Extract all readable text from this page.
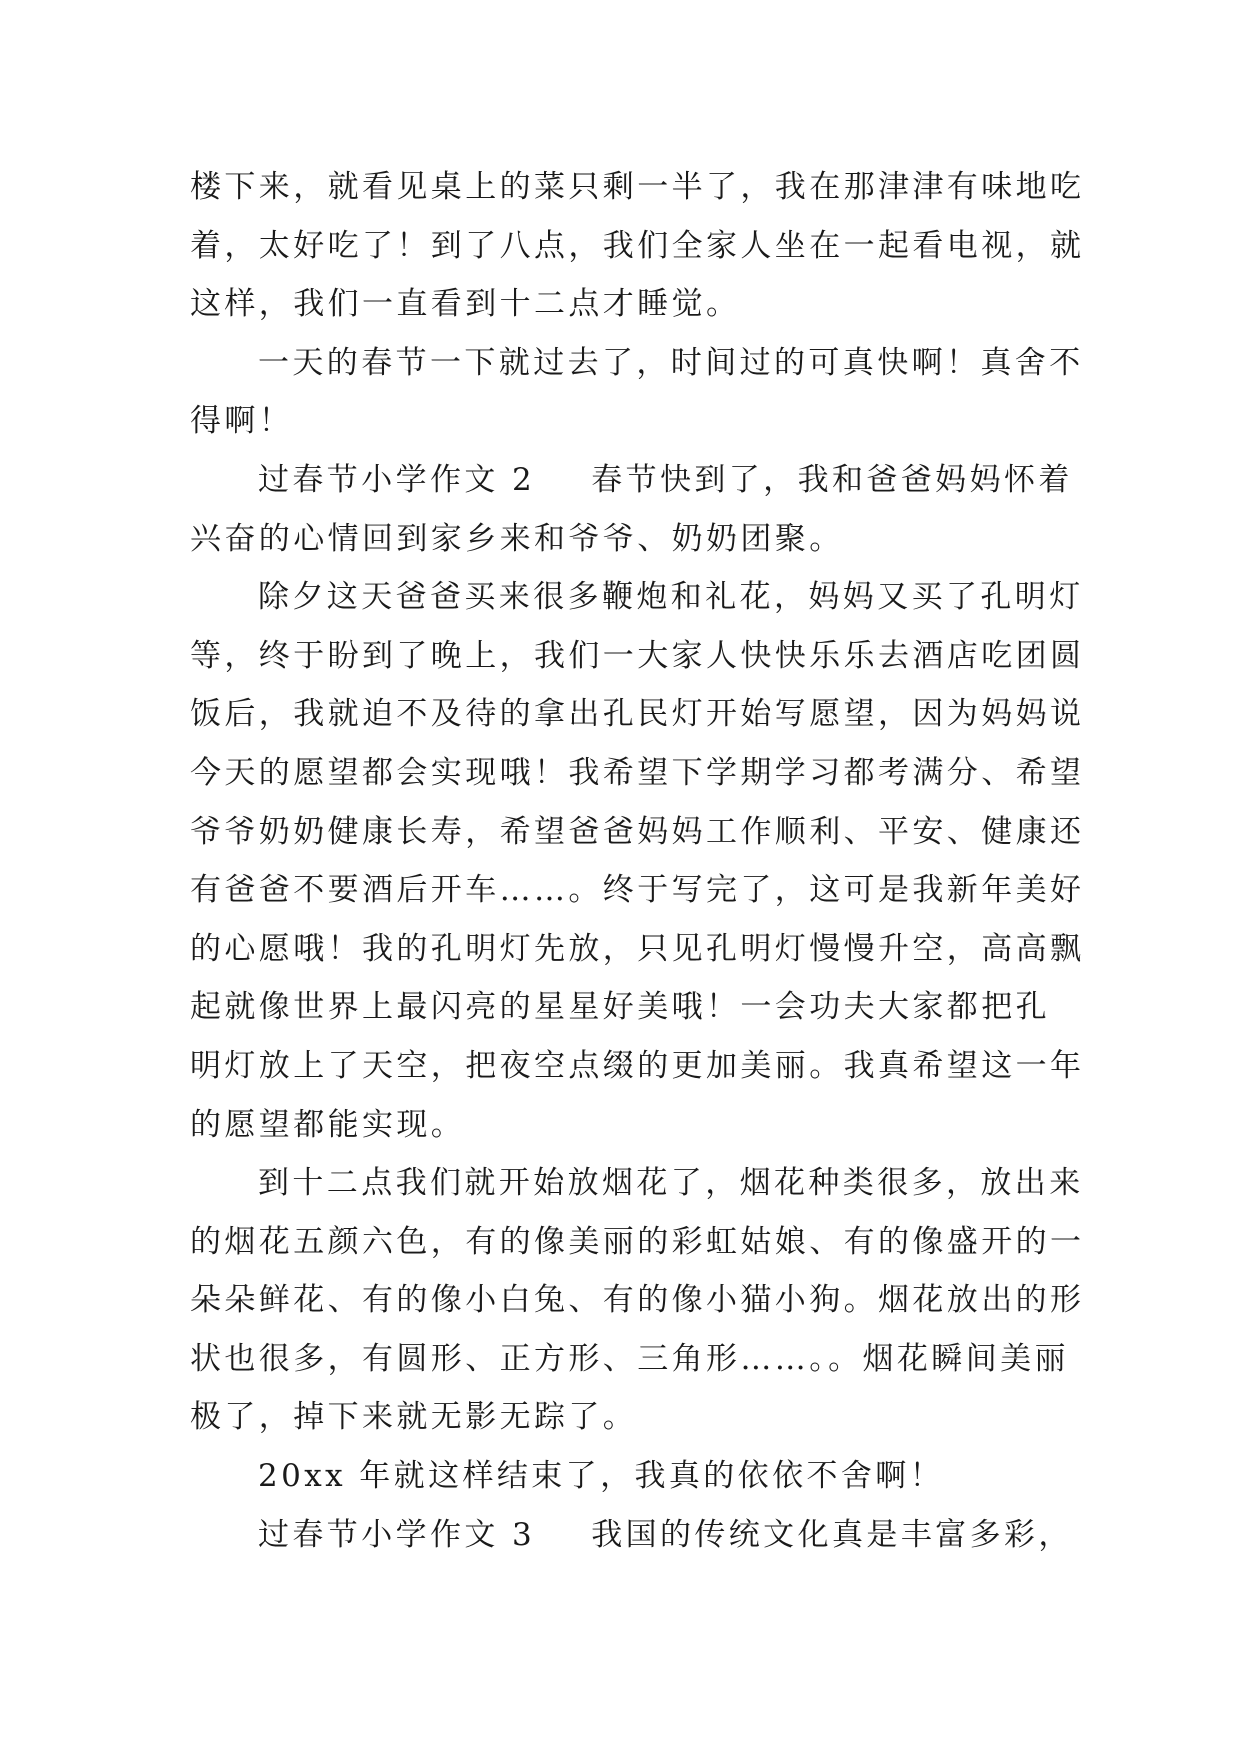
楼下来，就看见桌上的菜只剩一半了，我在那津津有味地吃
着，太好吃了！到了八点，我们全家人坐在一起看电视，就
这样，我们一直看到十二点才睡觉。
一天的春节一下就过去了，时间过的可真快啊！真舍不
得啊！
过春节小学作文 2 春节快到了，我和爸爸妈妈怀着
兴奋的心情回到家乡来和爷爷、奶奶团聚。
除夕这天爸爸买来很多鞭炮和礼花，妈妈又买了孔明灯
等，终于盼到了晚上，我们一大家人快快乐乐去酒店吃团圆
饭后，我就迫不及待的拿出孔民灯开始写愿望，因为妈妈说
今天的愿望都会实现哦！我希望下学期学习都考满分、希望
爷爷奶奶健康长寿，希望爸爸妈妈工作顺利、平安、健康还
有爸爸不要酒后开车……。终于写完了，这可是我新年美好
的心愿哦！我的孔明灯先放，只见孔明灯慢慢升空，高高飘
起就像世界上最闪亮的星星好美哦！一会功夫大家都把孔
明灯放上了天空，把夜空点缀的更加美丽。我真希望这一年
的愿望都能实现。
到十二点我们就开始放烟花了，烟花种类很多，放出来
的烟花五颜六色，有的像美丽的彩虹姑娘、有的像盛开的一
朵朵鲜花、有的像小白兔、有的像小猫小狗。烟花放出的形
状也很多，有圆形、正方形、三角形……。。烟花瞬间美丽
极了，掉下来就无影无踪了。
20xx 年就这样结束了，我真的依依不舍啊！
过春节小学作文 3 我国的传统文化真是丰富多彩，
